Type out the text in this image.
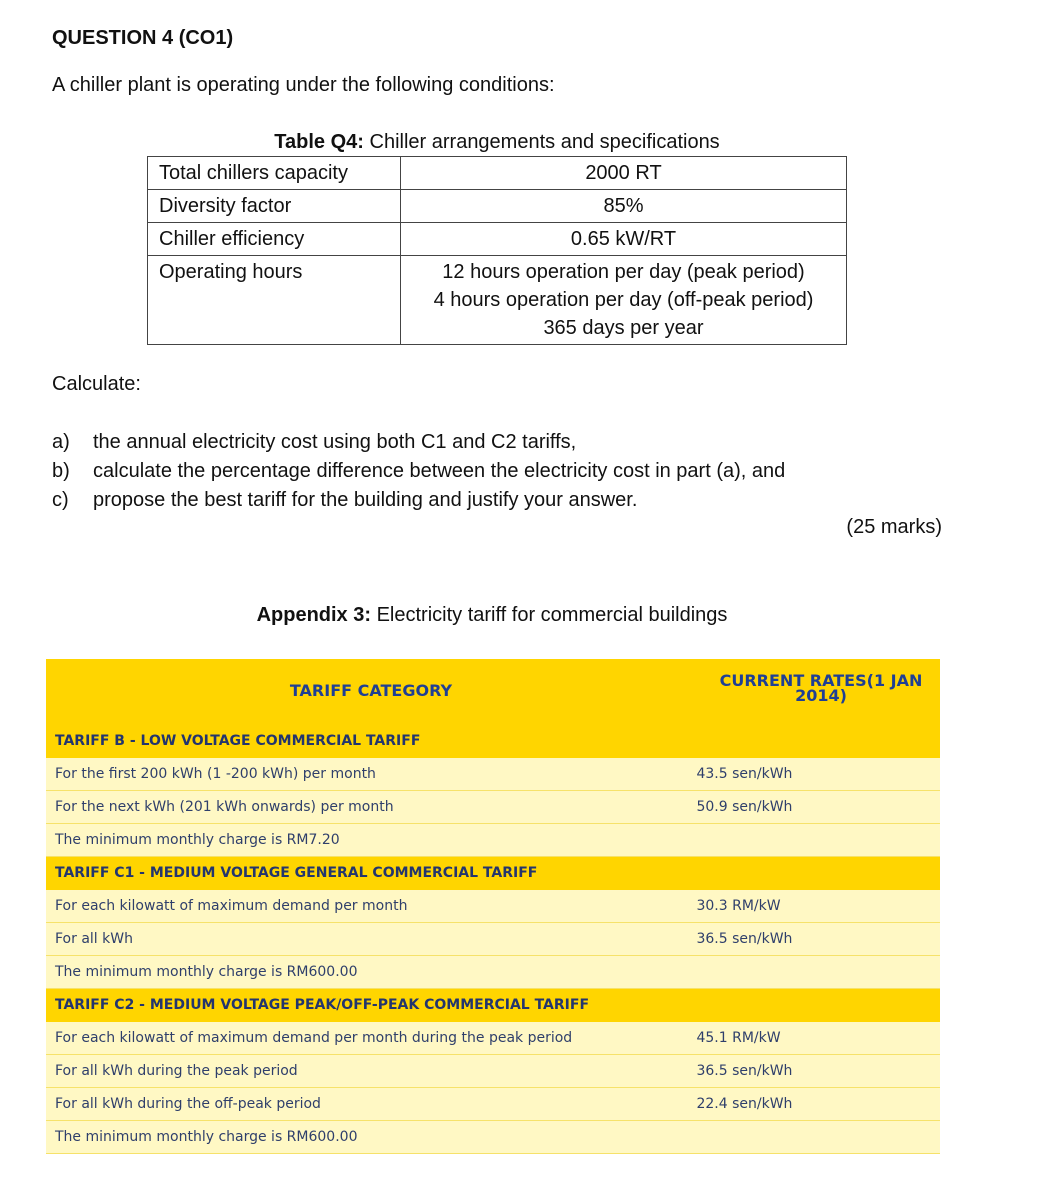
QUESTION 4 (CO1)
A chiller plant is operating under the following conditions:
Table Q4: Chiller arrangements and specifications
Total chillers capacity	2000 RT
Diversity factor	85%
Chiller efficiency	0.65 kW/RT
Operating hours	12 hours operation per day (peak period)
4 hours operation per day (off-peak period)
365 days per year
Calculate:
a) the annual electricity cost using both C1 and C2 tariffs,
b) calculate the percentage difference between the electricity cost in part (a), and
c) propose the best tariff for the building and justify your answer.
(25 marks)
Appendix 3: Electricity tariff for commercial buildings
TARIFF CATEGORY
CURRENT RATES(1 JAN 2014)
TARIFF B - LOW VOLTAGE COMMERCIAL TARIFF
For the first 200 kWh (1 -200 kWh) per month	43.5 sen/kWh
For the next kWh (201 kWh onwards) per month	50.9 sen/kWh
The minimum monthly charge is RM7.20
TARIFF C1 - MEDIUM VOLTAGE GENERAL COMMERCIAL TARIFF
For each kilowatt of maximum demand per month	30.3 RM/kW
For all kWh	36.5 sen/kWh
The minimum monthly charge is RM600.00
TARIFF C2 - MEDIUM VOLTAGE PEAK/OFF-PEAK COMMERCIAL TARIFF
For each kilowatt of maximum demand per month during the peak period	45.1 RM/kW
For all kWh during the peak period	36.5 sen/kWh
For all kWh during the off-peak period	22.4 sen/kWh
The minimum monthly charge is RM600.00
